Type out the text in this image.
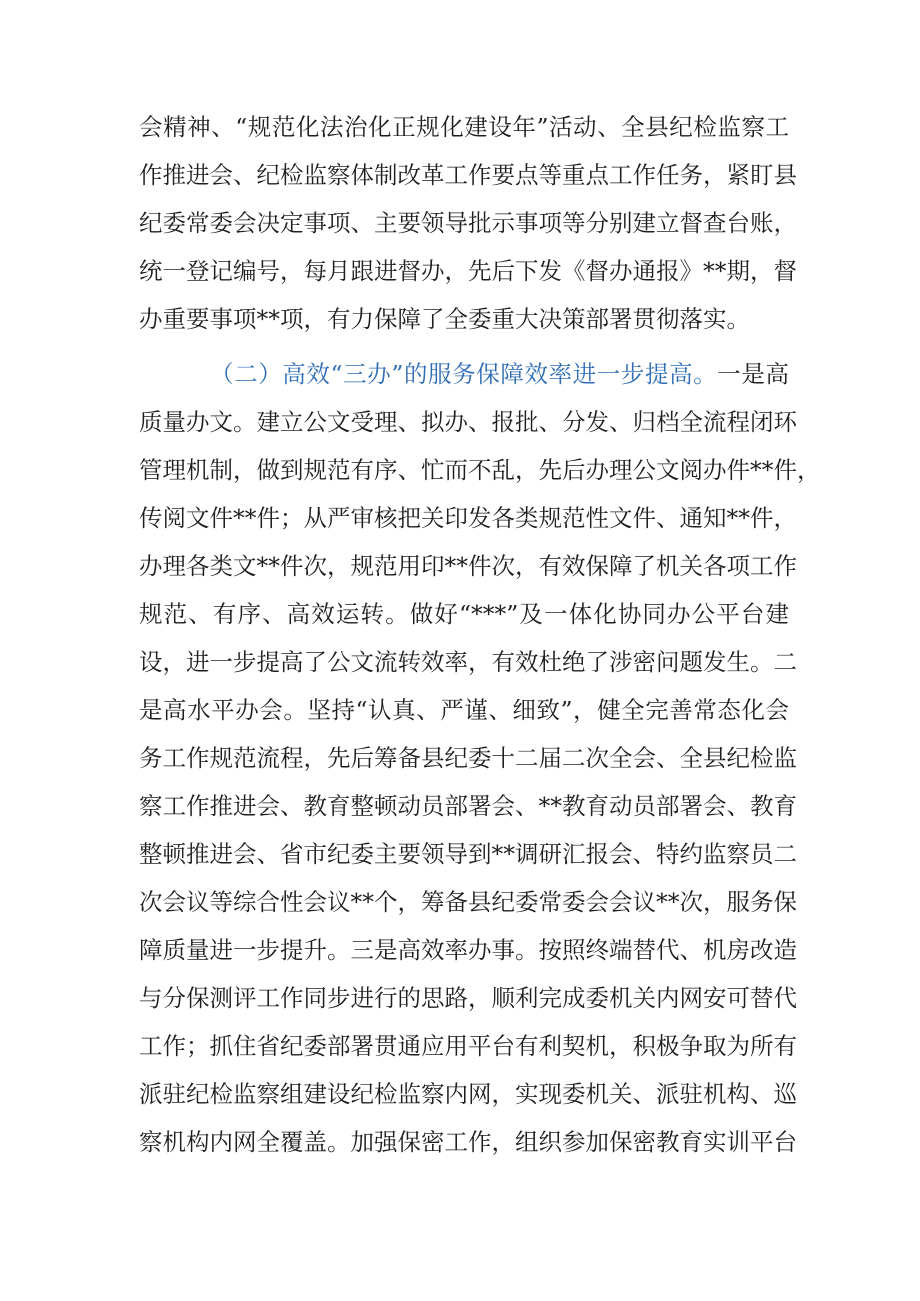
会精神、“规范化法治化正规化建设年”活动、全县纪检监察工
作推进会、纪检监察体制改革工作要点等重点工作任务，紧盯县
纪委常委会决定事项、主要领导批示事项等分别建立督查台账，
统一登记编号，每月跟进督办，先后下发《督办通报》**期，督
办重要事项**项，有力保障了全委重大决策部署贯彻落实。
（二）高效“三办”的服务保障效率进一步提高。一是高
质量办文。建立公文受理、拟办、报批、分发、归档全流程闭环
管理机制，做到规范有序、忙而不乱，先后办理公文阅办件**件，
传阅文件**件；从严审核把关印发各类规范性文件、通知**件，
办理各类文**件次，规范用印**件次，有效保障了机关各项工作
规范、有序、高效运转。做好“***”及一体化协同办公平台建
设，进一步提高了公文流转效率，有效杜绝了涉密问题发生。二
是高水平办会。坚持“认真、严谨、细致”，健全完善常态化会
务工作规范流程，先后筹备县纪委十二届二次全会、全县纪检监
察工作推进会、教育整顿动员部署会、**教育动员部署会、教育
整顿推进会、省市纪委主要领导到**调研汇报会、特约监察员二
次会议等综合性会议**个，筹备县纪委常委会会议**次，服务保
障质量进一步提升。三是高效率办事。按照终端替代、机房改造
与分保测评工作同步进行的思路，顺利完成委机关内网安可替代
工作；抓住省纪委部署贯通应用平台有利契机，积极争取为所有
派驻纪检监察组建设纪检监察内网，实现委机关、派驻机构、巡
察机构内网全覆盖。加强保密工作，组织参加保密教育实训平台
